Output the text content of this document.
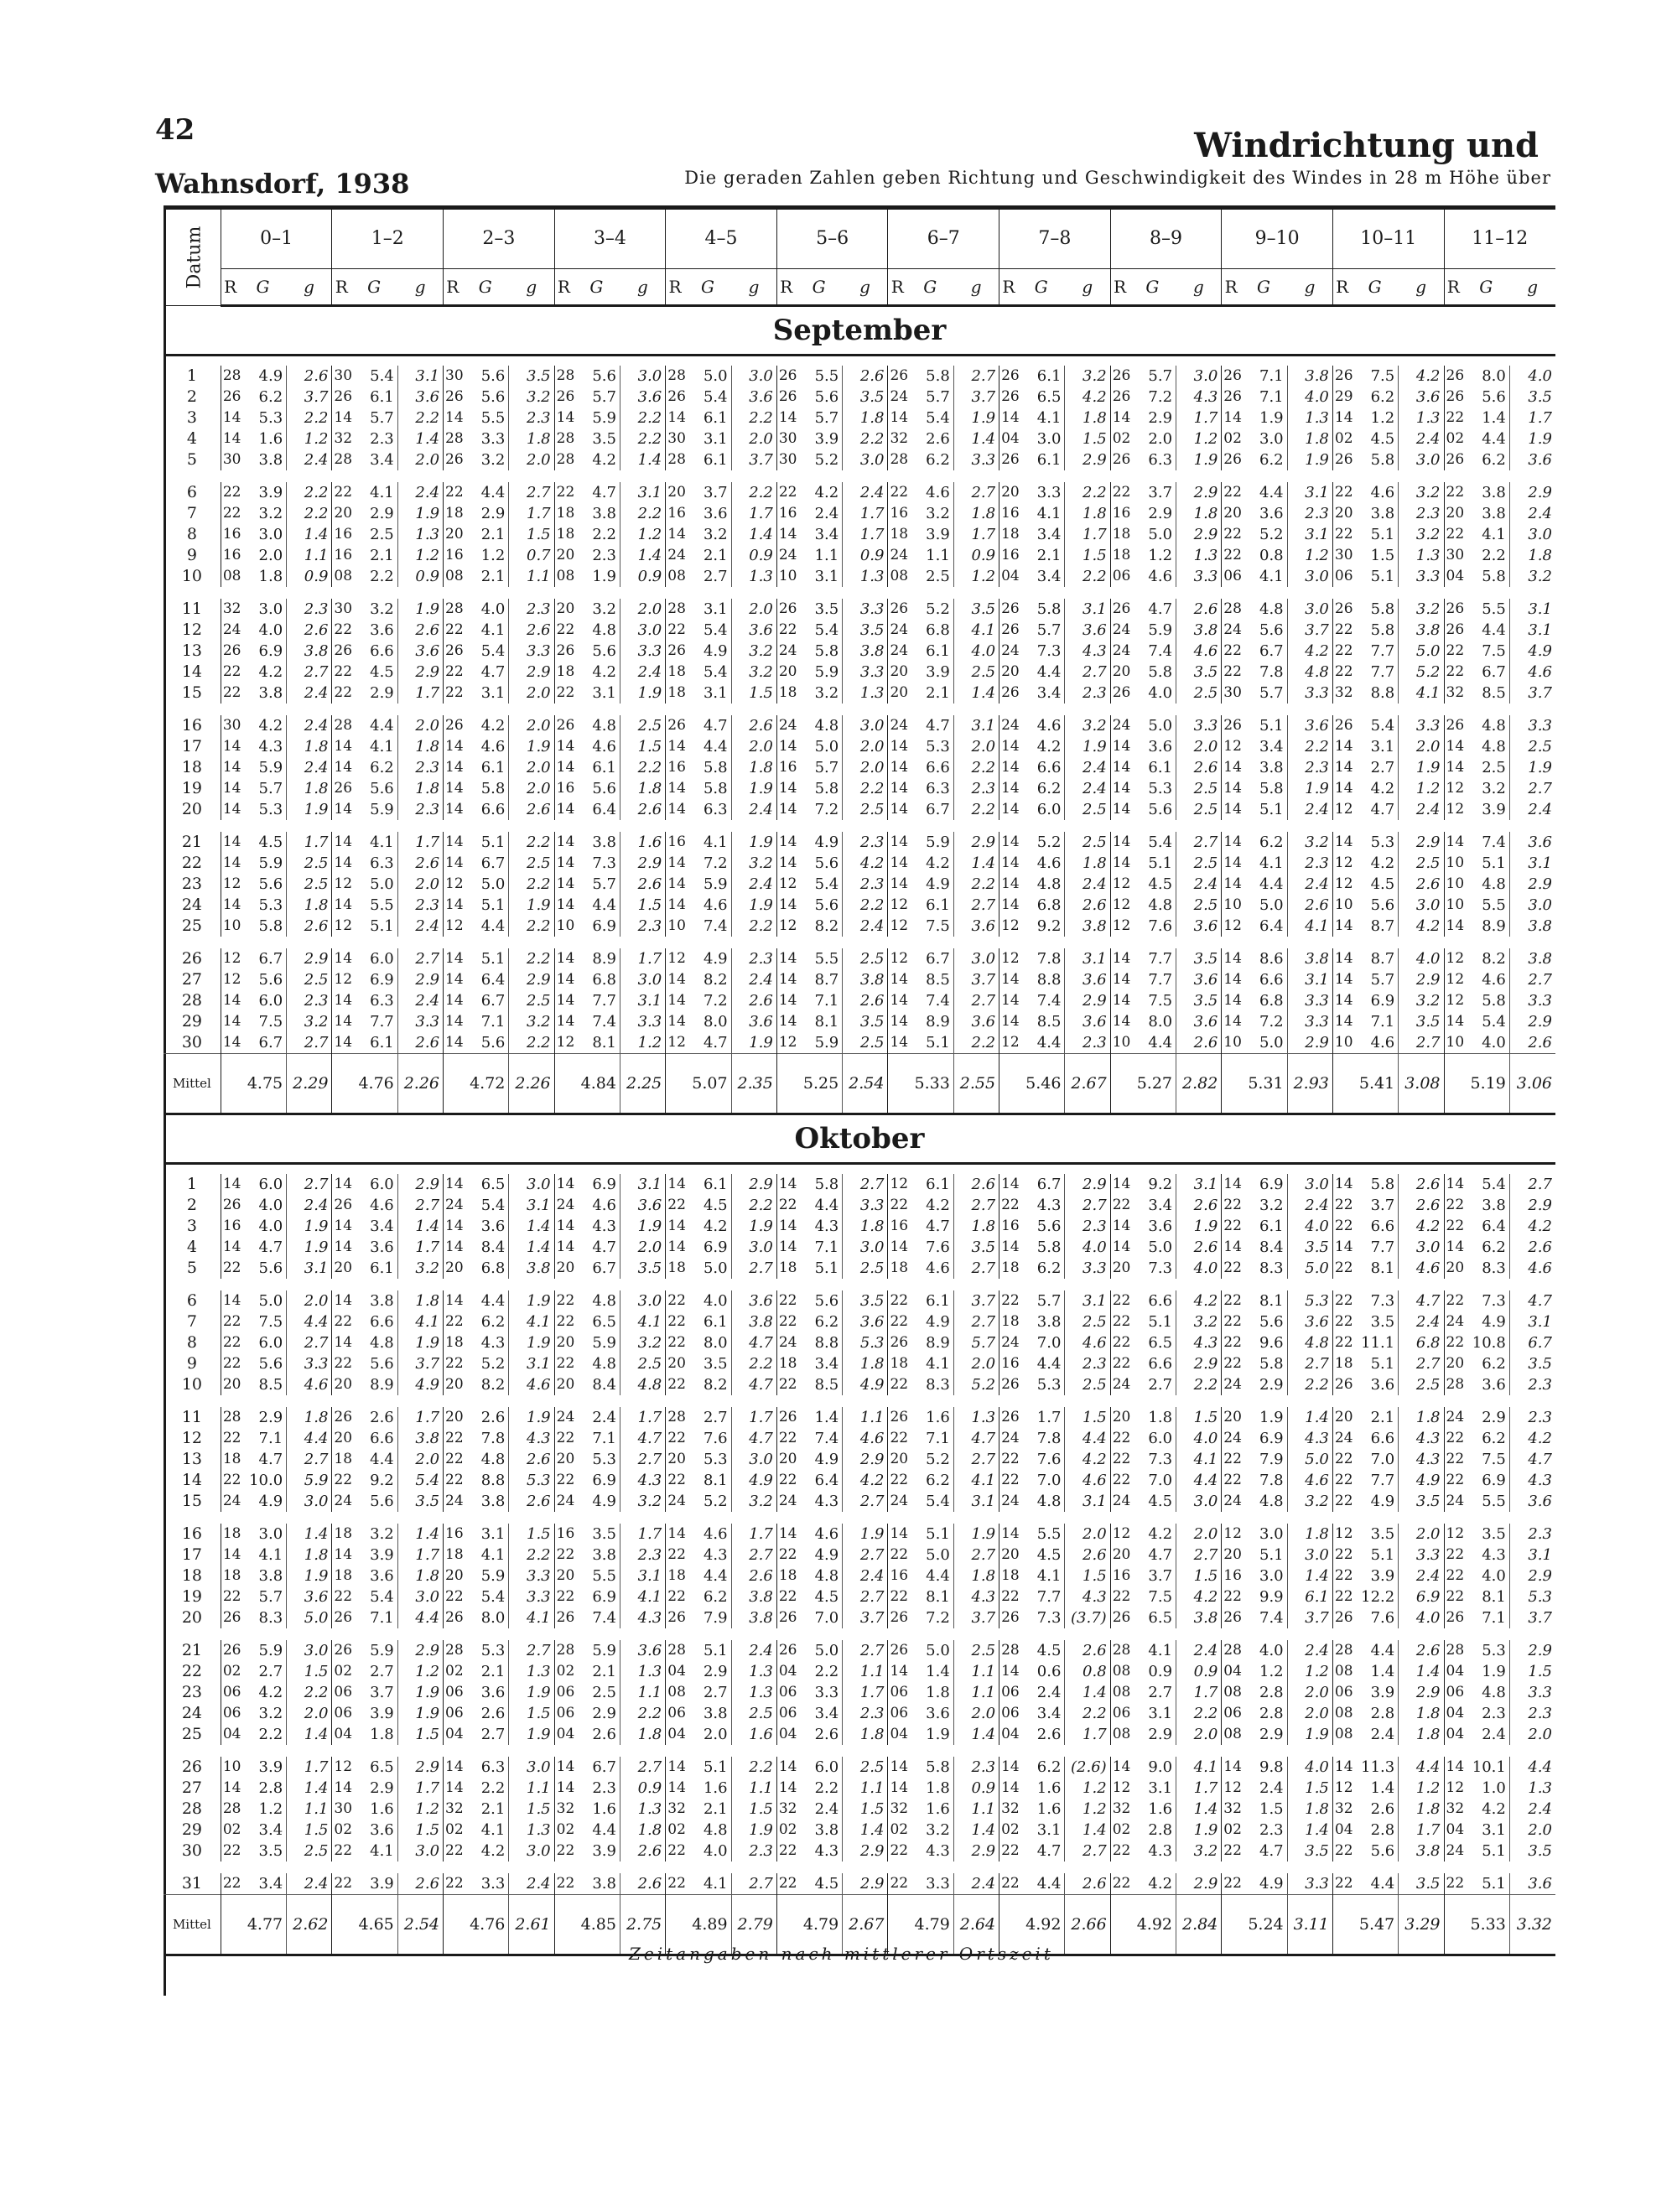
42
Wahnsdorf, 1938
Windrichtung und
Die geraden Zahlen geben Richtung und Geschwindigkeit des Windes in 28 m Höhe über
Datum	0–1			1–2			2–3			3–4			4–5			5–6			6–7			7–8			8–9			9–10			10–11			11–12		
	R	G	g	R	G	g	R	G	g	R	G	g	R	G	g	R	G	g	R	G	g	R	G	g	R	G	g	R	G	g	R	G	g	R	G	g
September																																				

1	28	4.9	2.6	30	5.4	3.1	30	5.6	3.5	28	5.6	3.0	28	5.0	3.0	26	5.5	2.6	26	5.8	2.7	26	6.1	3.2	26	5.7	3.0	26	7.1	3.8	26	7.5	4.2	26	8.0	4.0
2	26	6.2	3.7	26	6.1	3.6	26	5.6	3.2	26	5.7	3.6	26	5.4	3.6	26	5.6	3.5	24	5.7	3.7	26	6.5	4.2	26	7.2	4.3	26	7.1	4.0	29	6.2	3.6	26	5.6	3.5
3	14	5.3	2.2	14	5.7	2.2	14	5.5	2.3	14	5.9	2.2	14	6.1	2.2	14	5.7	1.8	14	5.4	1.9	14	4.1	1.8	14	2.9	1.7	14	1.9	1.3	14	1.2	1.3	22	1.4	1.7
4	14	1.6	1.2	32	2.3	1.4	28	3.3	1.8	28	3.5	2.2	30	3.1	2.0	30	3.9	2.2	32	2.6	1.4	04	3.0	1.5	02	2.0	1.2	02	3.0	1.8	02	4.5	2.4	02	4.4	1.9
5	30	3.8	2.4	28	3.4	2.0	26	3.2	2.0	28	4.2	1.4	28	6.1	3.7	30	5.2	3.0	28	6.2	3.3	26	6.1	2.9	26	6.3	1.9	26	6.2	1.9	26	5.8	3.0	26	6.2	3.6

6	22	3.9	2.2	22	4.1	2.4	22	4.4	2.7	22	4.7	3.1	20	3.7	2.2	22	4.2	2.4	22	4.6	2.7	20	3.3	2.2	22	3.7	2.9	22	4.4	3.1	22	4.6	3.2	22	3.8	2.9
7	22	3.2	2.2	20	2.9	1.9	18	2.9	1.7	18	3.8	2.2	16	3.6	1.7	16	2.4	1.7	16	3.2	1.8	16	4.1	1.8	16	2.9	1.8	20	3.6	2.3	20	3.8	2.3	20	3.8	2.4
8	16	3.0	1.4	16	2.5	1.3	20	2.1	1.5	18	2.2	1.2	14	3.2	1.4	14	3.4	1.7	18	3.9	1.7	18	3.4	1.7	18	5.0	2.9	22	5.2	3.1	22	5.1	3.2	22	4.1	3.0
9	16	2.0	1.1	16	2.1	1.2	16	1.2	0.7	20	2.3	1.4	24	2.1	0.9	24	1.1	0.9	24	1.1	0.9	16	2.1	1.5	18	1.2	1.3	22	0.8	1.2	30	1.5	1.3	30	2.2	1.8
10	08	1.8	0.9	08	2.2	0.9	08	2.1	1.1	08	1.9	0.9	08	2.7	1.3	10	3.1	1.3	08	2.5	1.2	04	3.4	2.2	06	4.6	3.3	06	4.1	3.0	06	5.1	3.3	04	5.8	3.2

11	32	3.0	2.3	30	3.2	1.9	28	4.0	2.3	20	3.2	2.0	28	3.1	2.0	26	3.5	3.3	26	5.2	3.5	26	5.8	3.1	26	4.7	2.6	28	4.8	3.0	26	5.8	3.2	26	5.5	3.1
12	24	4.0	2.6	22	3.6	2.6	22	4.1	2.6	22	4.8	3.0	22	5.4	3.6	22	5.4	3.5	24	6.8	4.1	26	5.7	3.6	24	5.9	3.8	24	5.6	3.7	22	5.8	3.8	26	4.4	3.1
13	26	6.9	3.8	26	6.6	3.6	26	5.4	3.3	26	5.6	3.3	26	4.9	3.2	24	5.8	3.8	24	6.1	4.0	24	7.3	4.3	24	7.4	4.6	22	6.7	4.2	22	7.7	5.0	22	7.5	4.9
14	22	4.2	2.7	22	4.5	2.9	22	4.7	2.9	18	4.2	2.4	18	5.4	3.2	20	5.9	3.3	20	3.9	2.5	20	4.4	2.7	20	5.8	3.5	22	7.8	4.8	22	7.7	5.2	22	6.7	4.6
15	22	3.8	2.4	22	2.9	1.7	22	3.1	2.0	22	3.1	1.9	18	3.1	1.5	18	3.2	1.3	20	2.1	1.4	26	3.4	2.3	26	4.0	2.5	30	5.7	3.3	32	8.8	4.1	32	8.5	3.7

16	30	4.2	2.4	28	4.4	2.0	26	4.2	2.0	26	4.8	2.5	26	4.7	2.6	24	4.8	3.0	24	4.7	3.1	24	4.6	3.2	24	5.0	3.3	26	5.1	3.6	26	5.4	3.3	26	4.8	3.3
17	14	4.3	1.8	14	4.1	1.8	14	4.6	1.9	14	4.6	1.5	14	4.4	2.0	14	5.0	2.0	14	5.3	2.0	14	4.2	1.9	14	3.6	2.0	12	3.4	2.2	14	3.1	2.0	14	4.8	2.5
18	14	5.9	2.4	14	6.2	2.3	14	6.1	2.0	14	6.1	2.2	16	5.8	1.8	16	5.7	2.0	14	6.6	2.2	14	6.6	2.4	14	6.1	2.6	14	3.8	2.3	14	2.7	1.9	14	2.5	1.9
19	14	5.7	1.8	26	5.6	1.8	14	5.8	2.0	16	5.6	1.8	14	5.8	1.9	14	5.8	2.2	14	6.3	2.3	14	6.2	2.4	14	5.3	2.5	14	5.8	1.9	14	4.2	1.2	12	3.2	2.7
20	14	5.3	1.9	14	5.9	2.3	14	6.6	2.6	14	6.4	2.6	14	6.3	2.4	14	7.2	2.5	14	6.7	2.2	14	6.0	2.5	14	5.6	2.5	14	5.1	2.4	12	4.7	2.4	12	3.9	2.4

21	14	4.5	1.7	14	4.1	1.7	14	5.1	2.2	14	3.8	1.6	16	4.1	1.9	14	4.9	2.3	14	5.9	2.9	14	5.2	2.5	14	5.4	2.7	14	6.2	3.2	14	5.3	2.9	14	7.4	3.6
22	14	5.9	2.5	14	6.3	2.6	14	6.7	2.5	14	7.3	2.9	14	7.2	3.2	14	5.6	4.2	14	4.2	1.4	14	4.6	1.8	14	5.1	2.5	14	4.1	2.3	12	4.2	2.5	10	5.1	3.1
23	12	5.6	2.5	12	5.0	2.0	12	5.0	2.2	14	5.7	2.6	14	5.9	2.4	12	5.4	2.3	14	4.9	2.2	14	4.8	2.4	12	4.5	2.4	14	4.4	2.4	12	4.5	2.6	10	4.8	2.9
24	14	5.3	1.8	14	5.5	2.3	14	5.1	1.9	14	4.4	1.5	14	4.6	1.9	14	5.6	2.2	12	6.1	2.7	14	6.8	2.6	12	4.8	2.5	10	5.0	2.6	10	5.6	3.0	10	5.5	3.0
25	10	5.8	2.6	12	5.1	2.4	12	4.4	2.2	10	6.9	2.3	10	7.4	2.2	12	8.2	2.4	12	7.5	3.6	12	9.2	3.8	12	7.6	3.6	12	6.4	4.1	14	8.7	4.2	14	8.9	3.8

26	12	6.7	2.9	14	6.0	2.7	14	5.1	2.2	14	8.9	1.7	12	4.9	2.3	14	5.5	2.5	12	6.7	3.0	12	7.8	3.1	14	7.7	3.5	14	8.6	3.8	14	8.7	4.0	12	8.2	3.8
27	12	5.6	2.5	12	6.9	2.9	14	6.4	2.9	14	6.8	3.0	14	8.2	2.4	14	8.7	3.8	14	8.5	3.7	14	8.8	3.6	14	7.7	3.6	14	6.6	3.1	14	5.7	2.9	12	4.6	2.7
28	14	6.0	2.3	14	6.3	2.4	14	6.7	2.5	14	7.7	3.1	14	7.2	2.6	14	7.1	2.6	14	7.4	2.7	14	7.4	2.9	14	7.5	3.5	14	6.8	3.3	14	6.9	3.2	12	5.8	3.3
29	14	7.5	3.2	14	7.7	3.3	14	7.1	3.2	14	7.4	3.3	14	8.0	3.6	14	8.1	3.5	14	8.9	3.6	14	8.5	3.6	14	8.0	3.6	14	7.2	3.3	14	7.1	3.5	14	5.4	2.9
30	14	6.7	2.7	14	6.1	2.6	14	5.6	2.2	12	8.1	1.2	12	4.7	1.9	12	5.9	2.5	14	5.1	2.2	12	4.4	2.3	10	4.4	2.6	10	5.0	2.9	10	4.6	2.7	10	4.0	2.6
Mittel		4.75	2.29		4.76	2.26		4.72	2.26		4.84	2.25		5.07	2.35		5.25	2.54		5.33	2.55		5.46	2.67		5.27	2.82		5.31	2.93		5.41	3.08		5.19	3.06
Oktober																																				

1	14	6.0	2.7	14	6.0	2.9	14	6.5	3.0	14	6.9	3.1	14	6.1	2.9	14	5.8	2.7	12	6.1	2.6	14	6.7	2.9	14	9.2	3.1	14	6.9	3.0	14	5.8	2.6	14	5.4	2.7
2	26	4.0	2.4	26	4.6	2.7	24	5.4	3.1	24	4.6	3.6	22	4.5	2.2	22	4.4	3.3	22	4.2	2.7	22	4.3	2.7	22	3.4	2.6	22	3.2	2.4	22	3.7	2.6	22	3.8	2.9
3	16	4.0	1.9	14	3.4	1.4	14	3.6	1.4	14	4.3	1.9	14	4.2	1.9	14	4.3	1.8	16	4.7	1.8	16	5.6	2.3	14	3.6	1.9	22	6.1	4.0	22	6.6	4.2	22	6.4	4.2
4	14	4.7	1.9	14	3.6	1.7	14	8.4	1.4	14	4.7	2.0	14	6.9	3.0	14	7.1	3.0	14	7.6	3.5	14	5.8	4.0	14	5.0	2.6	14	8.4	3.5	14	7.7	3.0	14	6.2	2.6
5	22	5.6	3.1	20	6.1	3.2	20	6.8	3.8	20	6.7	3.5	18	5.0	2.7	18	5.1	2.5	18	4.6	2.7	18	6.2	3.3	20	7.3	4.0	22	8.3	5.0	22	8.1	4.6	20	8.3	4.6

6	14	5.0	2.0	14	3.8	1.8	14	4.4	1.9	22	4.8	3.0	22	4.0	3.6	22	5.6	3.5	22	6.1	3.7	22	5.7	3.1	22	6.6	4.2	22	8.1	5.3	22	7.3	4.7	22	7.3	4.7
7	22	7.5	4.4	22	6.6	4.1	22	6.2	4.1	22	6.5	4.1	22	6.1	3.8	22	6.2	3.6	22	4.9	2.7	18	3.8	2.5	22	5.1	3.2	22	5.6	3.6	22	3.5	2.4	24	4.9	3.1
8	22	6.0	2.7	14	4.8	1.9	18	4.3	1.9	20	5.9	3.2	22	8.0	4.7	24	8.8	5.3	26	8.9	5.7	24	7.0	4.6	22	6.5	4.3	22	9.6	4.8	22	11.1	6.8	22	10.8	6.7
9	22	5.6	3.3	22	5.6	3.7	22	5.2	3.1	22	4.8	2.5	20	3.5	2.2	18	3.4	1.8	18	4.1	2.0	16	4.4	2.3	22	6.6	2.9	22	5.8	2.7	18	5.1	2.7	20	6.2	3.5
10	20	8.5	4.6	20	8.9	4.9	20	8.2	4.6	20	8.4	4.8	22	8.2	4.7	22	8.5	4.9	22	8.3	5.2	26	5.3	2.5	24	2.7	2.2	24	2.9	2.2	26	3.6	2.5	28	3.6	2.3

11	28	2.9	1.8	26	2.6	1.7	20	2.6	1.9	24	2.4	1.7	28	2.7	1.7	26	1.4	1.1	26	1.6	1.3	26	1.7	1.5	20	1.8	1.5	20	1.9	1.4	20	2.1	1.8	24	2.9	2.3
12	22	7.1	4.4	20	6.6	3.8	22	7.8	4.3	22	7.1	4.7	22	7.6	4.7	22	7.4	4.6	22	7.1	4.7	24	7.8	4.4	22	6.0	4.0	24	6.9	4.3	24	6.6	4.3	22	6.2	4.2
13	18	4.7	2.7	18	4.4	2.0	22	4.8	2.6	20	5.3	2.7	20	5.3	3.0	20	4.9	2.9	20	5.2	2.7	22	7.6	4.2	22	7.3	4.1	22	7.9	5.0	22	7.0	4.3	22	7.5	4.7
14	22	10.0	5.9	22	9.2	5.4	22	8.8	5.3	22	6.9	4.3	22	8.1	4.9	22	6.4	4.2	22	6.2	4.1	22	7.0	4.6	22	7.0	4.4	22	7.8	4.6	22	7.7	4.9	22	6.9	4.3
15	24	4.9	3.0	24	5.6	3.5	24	3.8	2.6	24	4.9	3.2	24	5.2	3.2	24	4.3	2.7	24	5.4	3.1	24	4.8	3.1	24	4.5	3.0	24	4.8	3.2	22	4.9	3.5	24	5.5	3.6

16	18	3.0	1.4	18	3.2	1.4	16	3.1	1.5	16	3.5	1.7	14	4.6	1.7	14	4.6	1.9	14	5.1	1.9	14	5.5	2.0	12	4.2	2.0	12	3.0	1.8	12	3.5	2.0	12	3.5	2.3
17	14	4.1	1.8	14	3.9	1.7	18	4.1	2.2	22	3.8	2.3	22	4.3	2.7	22	4.9	2.7	22	5.0	2.7	20	4.5	2.6	20	4.7	2.7	20	5.1	3.0	22	5.1	3.3	22	4.3	3.1
18	18	3.8	1.9	18	3.6	1.8	20	5.9	3.3	20	5.5	3.1	18	4.4	2.6	18	4.8	2.4	16	4.4	1.8	18	4.1	1.5	16	3.7	1.5	16	3.0	1.4	22	3.9	2.4	22	4.0	2.9
19	22	5.7	3.6	22	5.4	3.0	22	5.4	3.3	22	6.9	4.1	22	6.2	3.8	22	4.5	2.7	22	8.1	4.3	22	7.7	4.3	22	7.5	4.2	22	9.9	6.1	22	12.2	6.9	22	8.1	5.3
20	26	8.3	5.0	26	7.1	4.4	26	8.0	4.1	26	7.4	4.3	26	7.9	3.8	26	7.0	3.7	26	7.2	3.7	26	7.3	(3.7)	26	6.5	3.8	26	7.4	3.7	26	7.6	4.0	26	7.1	3.7

21	26	5.9	3.0	26	5.9	2.9	28	5.3	2.7	28	5.9	3.6	28	5.1	2.4	26	5.0	2.7	26	5.0	2.5	28	4.5	2.6	28	4.1	2.4	28	4.0	2.4	28	4.4	2.6	28	5.3	2.9
22	02	2.7	1.5	02	2.7	1.2	02	2.1	1.3	02	2.1	1.3	04	2.9	1.3	04	2.2	1.1	14	1.4	1.1	14	0.6	0.8	08	0.9	0.9	04	1.2	1.2	08	1.4	1.4	04	1.9	1.5
23	06	4.2	2.2	06	3.7	1.9	06	3.6	1.9	06	2.5	1.1	08	2.7	1.3	06	3.3	1.7	06	1.8	1.1	06	2.4	1.4	08	2.7	1.7	08	2.8	2.0	06	3.9	2.9	06	4.8	3.3
24	06	3.2	2.0	06	3.9	1.9	06	2.6	1.5	06	2.9	2.2	06	3.8	2.5	06	3.4	2.3	06	3.6	2.0	06	3.4	2.2	06	3.1	2.2	06	2.8	2.0	08	2.8	1.8	04	2.3	2.3
25	04	2.2	1.4	04	1.8	1.5	04	2.7	1.9	04	2.6	1.8	04	2.0	1.6	04	2.6	1.8	04	1.9	1.4	04	2.6	1.7	08	2.9	2.0	08	2.9	1.9	08	2.4	1.8	04	2.4	2.0

26	10	3.9	1.7	12	6.5	2.9	14	6.3	3.0	14	6.7	2.7	14	5.1	2.2	14	6.0	2.5	14	5.8	2.3	14	6.2	(2.6)	14	9.0	4.1	14	9.8	4.0	14	11.3	4.4	14	10.1	4.4
27	14	2.8	1.4	14	2.9	1.7	14	2.2	1.1	14	2.3	0.9	14	1.6	1.1	14	2.2	1.1	14	1.8	0.9	14	1.6	1.2	12	3.1	1.7	12	2.4	1.5	12	1.4	1.2	12	1.0	1.3
28	28	1.2	1.1	30	1.6	1.2	32	2.1	1.5	32	1.6	1.3	32	2.1	1.5	32	2.4	1.5	32	1.6	1.1	32	1.6	1.2	32	1.6	1.4	32	1.5	1.8	32	2.6	1.8	32	4.2	2.4
29	02	3.4	1.5	02	3.6	1.5	02	4.1	1.3	02	4.4	1.8	02	4.8	1.9	02	3.8	1.4	02	3.2	1.4	02	3.1	1.4	02	2.8	1.9	02	2.3	1.4	04	2.8	1.7	04	3.1	2.0
30	22	3.5	2.5	22	4.1	3.0	22	4.2	3.0	22	3.9	2.6	22	4.0	2.3	22	4.3	2.9	22	4.3	2.9	22	4.7	2.7	22	4.3	3.2	22	4.7	3.5	22	5.6	3.8	24	5.1	3.5

31	22	3.4	2.4	22	3.9	2.6	22	3.3	2.4	22	3.8	2.6	22	4.1	2.7	22	4.5	2.9	22	3.3	2.4	22	4.4	2.6	22	4.2	2.9	22	4.9	3.3	22	4.4	3.5	22	5.1	3.6
Mittel		4.77	2.62		4.65	2.54		4.76	2.61		4.85	2.75		4.89	2.79		4.79	2.67		4.79	2.64		4.92	2.66		4.92	2.84		5.24	3.11		5.47	3.29		5.33	3.32
Zeitangaben nach mittlerer Ortszeit
